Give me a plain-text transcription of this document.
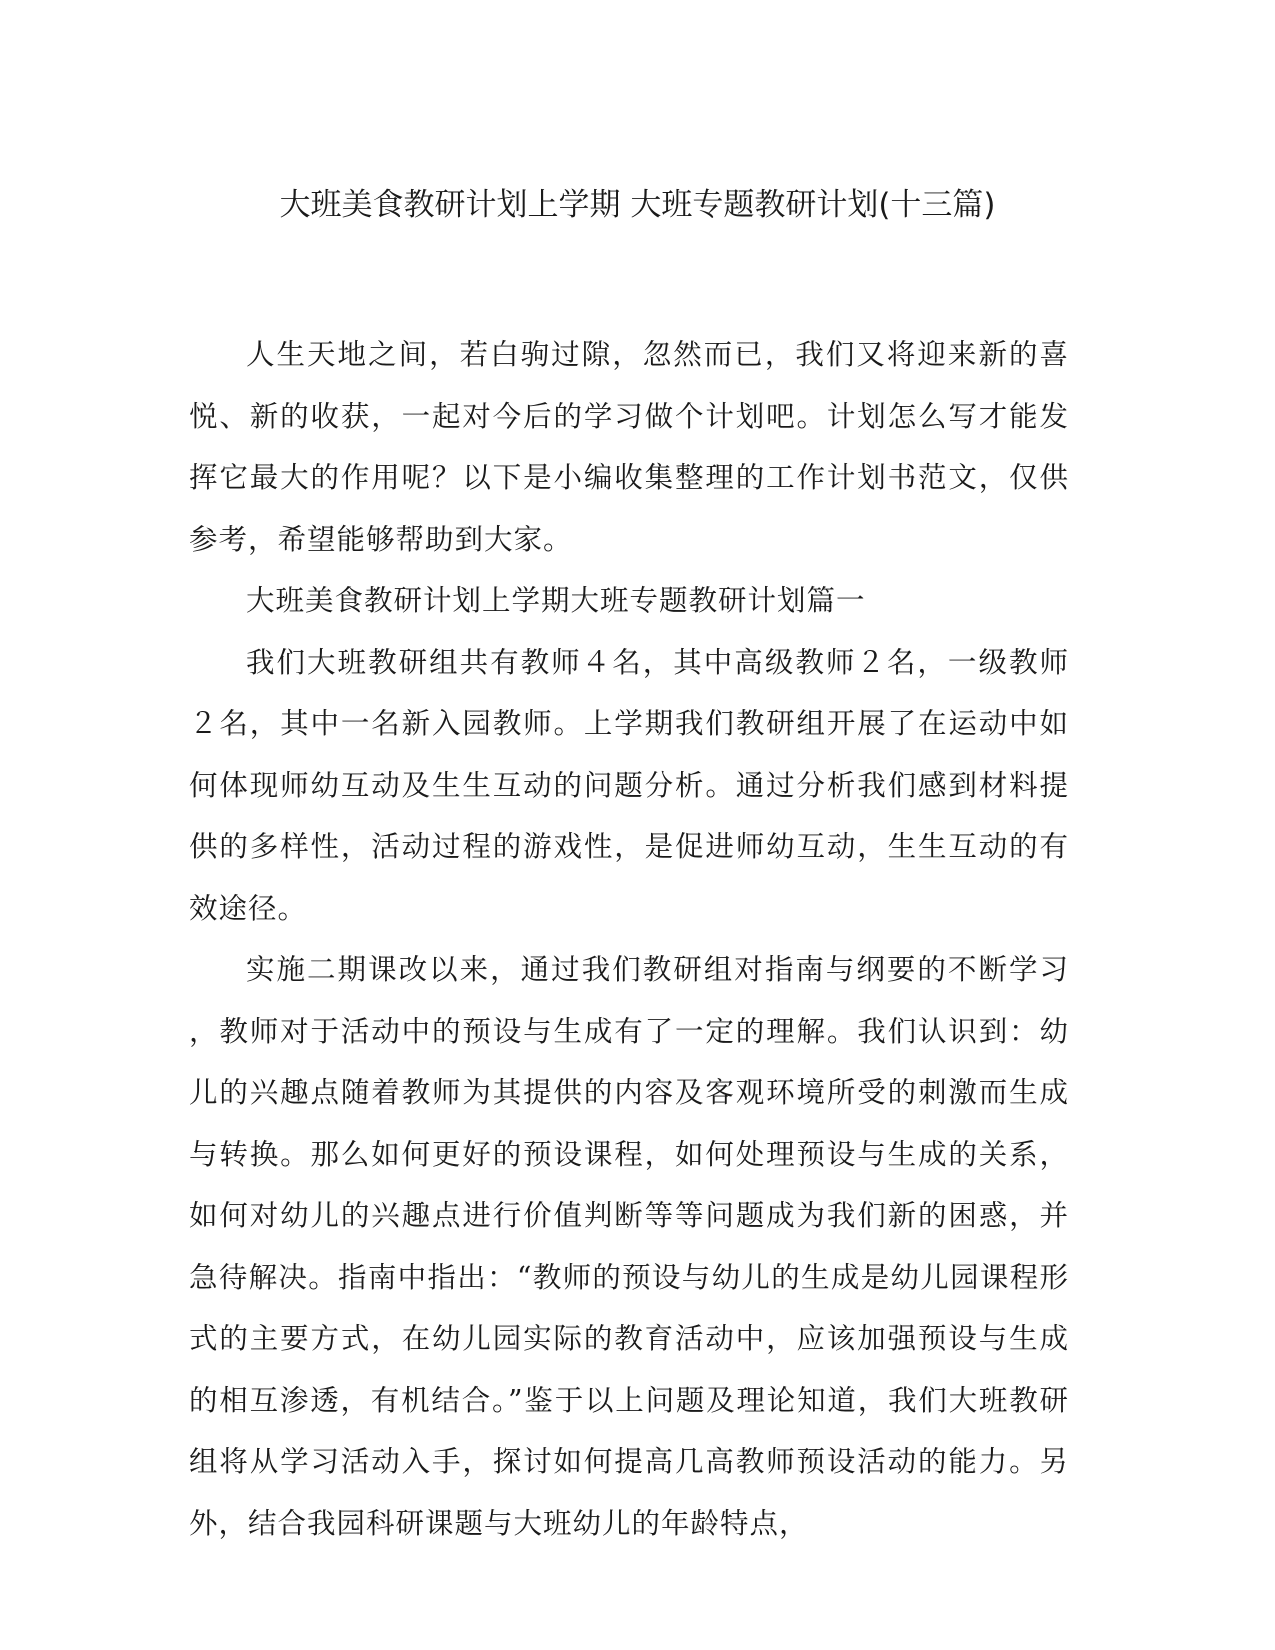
大班美食教研计划上学期 大班专题教研计划(十三篇)

人生天地之间，若白驹过隙，忽然而已，我们又将迎来新的喜悦、新的收获，一起对今后的学习做个计划吧。计划怎么写才能发挥它最大的作用呢？以下是小编收集整理的工作计划书范文，仅供参考，希望能够帮助到大家。

大班美食教研计划上学期大班专题教研计划篇一

我们大班教研组共有教师４名，其中高级教师２名，一级教师２名，其中一名新入园教师。上学期我们教研组开展了在运动中如何体现师幼互动及生生互动的问题分析。通过分析我们感到材料提供的多样性，活动过程的游戏性，是促进师幼互动，生生互动的有效途径。

实施二期课改以来，通过我们教研组对指南与纲要的不断学习，教师对于活动中的预设与生成有了一定的理解。我们认识到：幼儿的兴趣点随着教师为其提供的内容及客观环境所受的刺激而生成与转换。那么如何更好的预设课程，如何处理预设与生成的关系，如何对幼儿的兴趣点进行价值判断等等问题成为我们新的困惑，并急待解决。指南中指出：“教师的预设与幼儿的生成是幼儿园课程形式的主要方式，在幼儿园实际的教育活动中，应该加强预设与生成的相互渗透，有机结合。”鉴于以上问题及理论知道，我们大班教研组将从学习活动入手，探讨如何提高几高教师预设活动的能力。另外，结合我园科研课题与大班幼儿的年龄特点，
